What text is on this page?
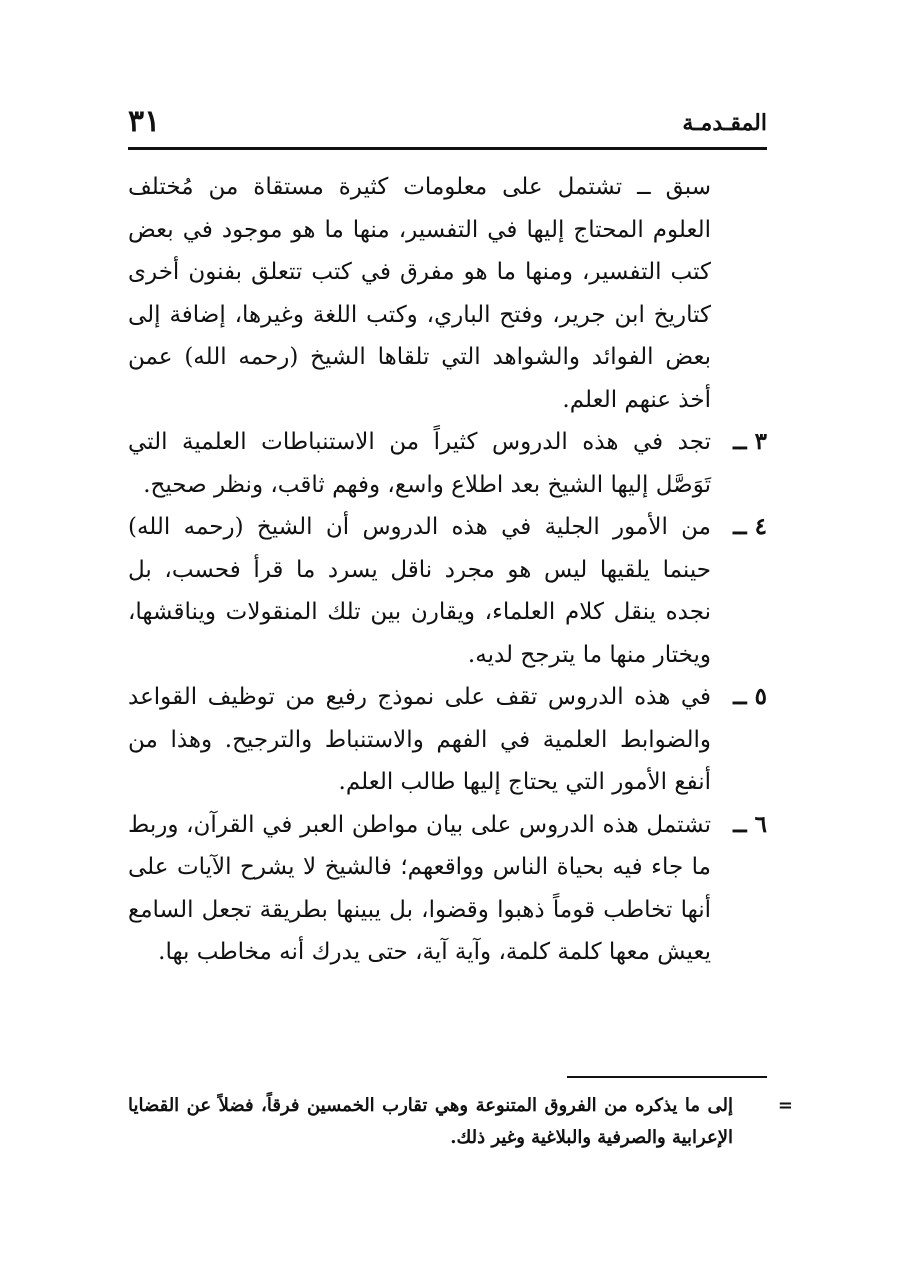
المقـدمـة
٣١

سبق ــ تشتمل على معلومات كثيرة مستقاة من مُختلف العلوم المحتاج إليها في التفسير، منها ما هو موجود في بعض كتب التفسير، ومنها ما هو مفرق في كتب تتعلق بفنون أخرى كتاريخ ابن جرير، وفتح الباري، وكتب اللغة وغيرها، إضافة إلى بعض الفوائد والشواهد التي تلقاها الشيخ (رحمه الله) عمن أخذ عنهم العلم.

٣ ــ
تجد في هذه الدروس كثيراً من الاستنباطات العلمية التي تَوَصَّل إليها الشيخ بعد اطلاع واسع، وفهم ثاقب، ونظر صحيح.
٤ ــ
من الأمور الجلية في هذه الدروس أن الشيخ (رحمه الله) حينما يلقيها ليس هو مجرد ناقل يسرد ما قرأ فحسب، بل نجده ينقل كلام العلماء، ويقارن بين تلك المنقولات ويناقشها، ويختار منها ما يترجح لديه.
٥ ــ
في هذه الدروس تقف على نموذج رفيع من توظيف القواعد والضوابط العلمية في الفهم والاستنباط والترجيح. وهذا من أنفع الأمور التي يحتاج إليها طالب العلم.
٦ ــ
تشتمل هذه الدروس على بيان مواطن العبر في القرآن، وربط ما جاء فيه بحياة الناس وواقعهم؛ فالشيخ لا يشرح الآيات على أنها تخاطب قوماً ذهبوا وقضوا، بل يبينها بطريقة تجعل السامع يعيش معها كلمة كلمة، وآية آية، حتى يدرك أنه مخاطب بها.
=
إلى ما يذكره من الفروق المتنوعة وهي تقارب الخمسين فرقاً، فضلاً عن القضايا الإعرابية والصرفية والبلاغية وغير ذلك.
